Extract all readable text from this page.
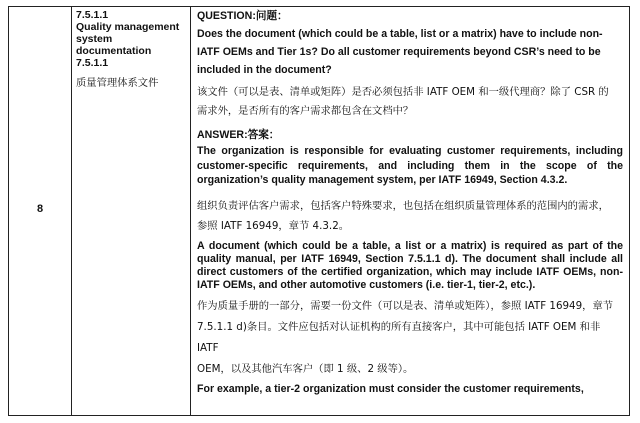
8
7.5.1.1
Quality management system documentation
7.5.1.1
质量管理体系文件

QUESTION:问题：

Does the document (which could be a table, list or a matrix) have to include non-IATF OEMs and Tier 1s? Do all customer requirements beyond CSR’s need to be included in the document?

该文件（可以是表、清单或矩阵）是否必须包括非 IATF OEM 和一级代理商？除了 CSR 的

需求外，是否所有的客户需求都包含在文档中？

ANSWER:答案：

The organization is responsible for evaluating customer requirements, including customer-specific requirements, and including them in the scope of the organization’s quality management system, per IATF 16949, Section 4.3.2.

组织负责评估客户需求，包括客户特殊要求，也包括在组织质量管理体系的范围内的需求，

参照 IATF 16949，章节 4.3.2。

A document (which could be a table, a list or a matrix) is required as part of the quality manual, per IATF 16949, Section 7.5.1.1 d). The document shall include all direct customers of the certified organization, which may include IATF OEMs, non-IATF OEMs, and other automotive customers (i.e. tier-1, tier-2, etc.).

作为质量手册的一部分，需要一份文件（可以是表、清单或矩阵），参照 IATF 16949，章节

7.5.1.1 d)条目。文件应包括对认证机构的所有直接客户，其中可能包括 IATF OEM 和非 IATF

OEM，以及其他汽车客户（即 1 级、2 级等）。

For example, a tier-2 organization must consider the customer requirements,
